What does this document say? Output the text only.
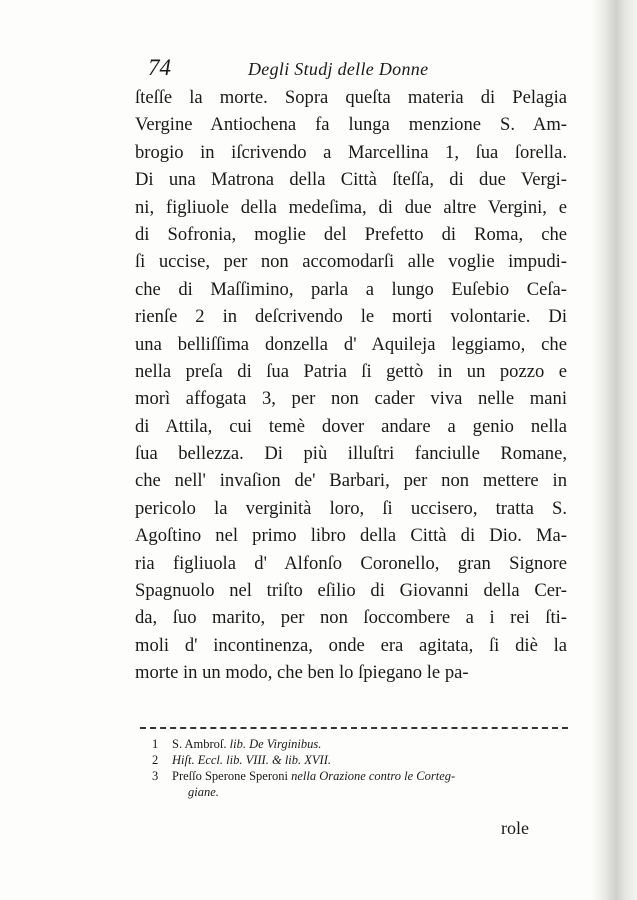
74	Degli Studj delle Donne
ſteſſe la morte. Sopra queſta materia di Pelagia
Vergine Antiochena fa lunga menzione S. Am-
brogio in iſcrivendo a Marcellina 1, ſua ſorella.
Di una Matrona della Città ſteſſa, di due Vergi-
ni, figliuole della medeſima, di due altre Vergini, e
di Sofronia, moglie del Prefetto di Roma, che
ſi uccise, per non accomodarſi alle voglie impudi-
che di Maſſimino, parla a lungo Euſebio Ceſa-
rienſe 2 in deſcrivendo le morti volontarie. Di
una belliſſima donzella d' Aquileja leggiamo, che
nella preſa di ſua Patria ſi gettò in un pozzo e
morì affogata 3, per non cader viva nelle mani
di Attila, cui temè dover andare a genio nella
ſua bellezza. Di più illuſtri fanciulle Romane,
che nell' invaſion de' Barbari, per non mettere in
pericolo la verginità loro, ſi uccisero, tratta S.
Agoſtino nel primo libro della Città di Dio. Ma-
ria figliuola d' Alfonſo Coronello, gran Signore
Spagnuolo nel triſto eſilio di Giovanni della Cer-
da, ſuo marito, per non ſoccombere a i rei ſti-
moli d' incontinenza, onde era agitata, ſi diè la
morte in un modo, che ben lo ſpiegano le pa-
1 S. Ambroſ. lib. De Virginibus.
2 Hiſt. Eccl. lib. VIII. & lib. XVII.
3 Preſſo Sperone Speroni nella Orazione contro le Corteg-
giane.
role
